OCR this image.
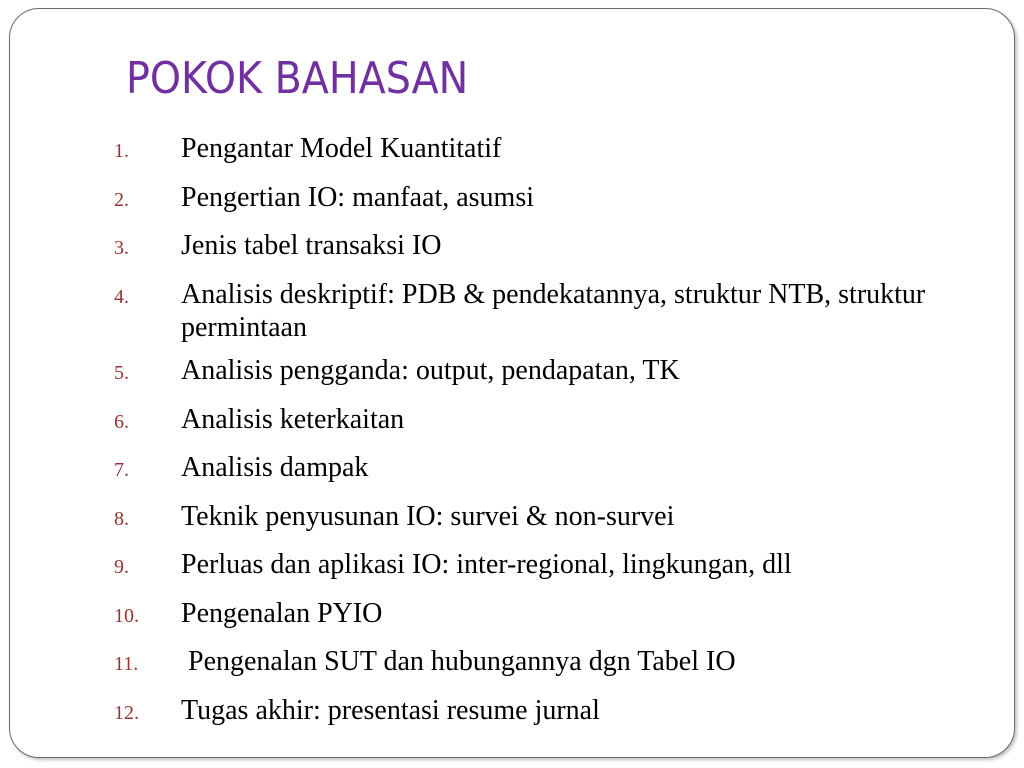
POKOK BAHASAN
1.	Pengantar Model Kuantitatif
2.	Pengertian IO: manfaat, asumsi
3.	Jenis tabel transaksi IO
4.	Analisis deskriptif: PDB & pendekatannya, struktur NTB, struktur permintaan
5.	Analisis pengganda: output, pendapatan, TK
6.	Analisis keterkaitan
7.	Analisis dampak
8.	Teknik penyusunan IO: survei & non-survei
9.	Perluas dan aplikasi IO: inter-regional, lingkungan, dll
10.	Pengenalan PYIO
11.	Pengenalan SUT dan hubungannya dgn Tabel IO
12.	Tugas akhir: presentasi resume jurnal
